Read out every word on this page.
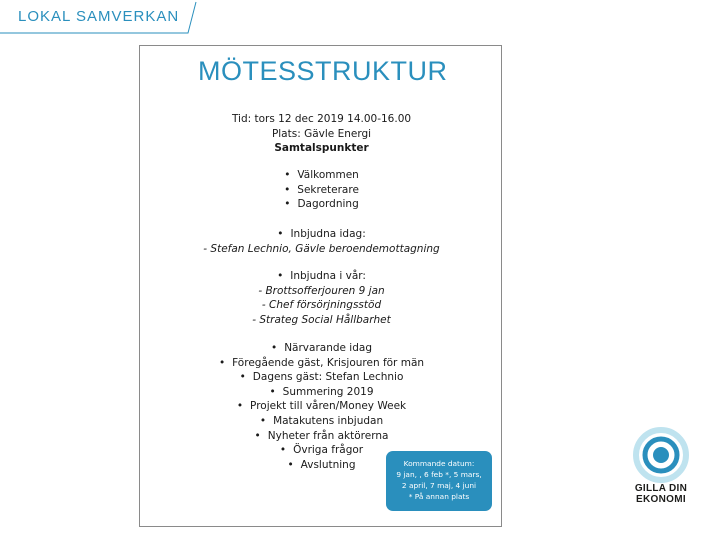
LOKAL SAMVERKAN
MÖTESSTRUKTUR
Tid: tors 12 dec 2019 14.00-16.00
Plats: Gävle Energi
Samtalspunkter
• Välkommen
• Sekreterare
• Dagordning
• Inbjudna idag:
- Stefan Lechnio, Gävle beroendemottagning
• Inbjudna i vår:
- Brottsofferjouren 9 jan
- Chef försörjningsstöd
- Strateg Social Hållbarhet
• Närvarande idag
• Föregående gäst, Krisjouren för män
• Dagens gäst: Stefan Lechnio
• Summering 2019
• Projekt till våren/Money Week
• Matakutens inbjudan
• Nyheter från aktörerna
• Övriga frågor
• Avslutning	Kommande datum:
9 jan, , 6 feb *, 5 mars,
2 april, 7 maj, 4 juni
* På annan plats
GILLA DIN
EKONOMI
